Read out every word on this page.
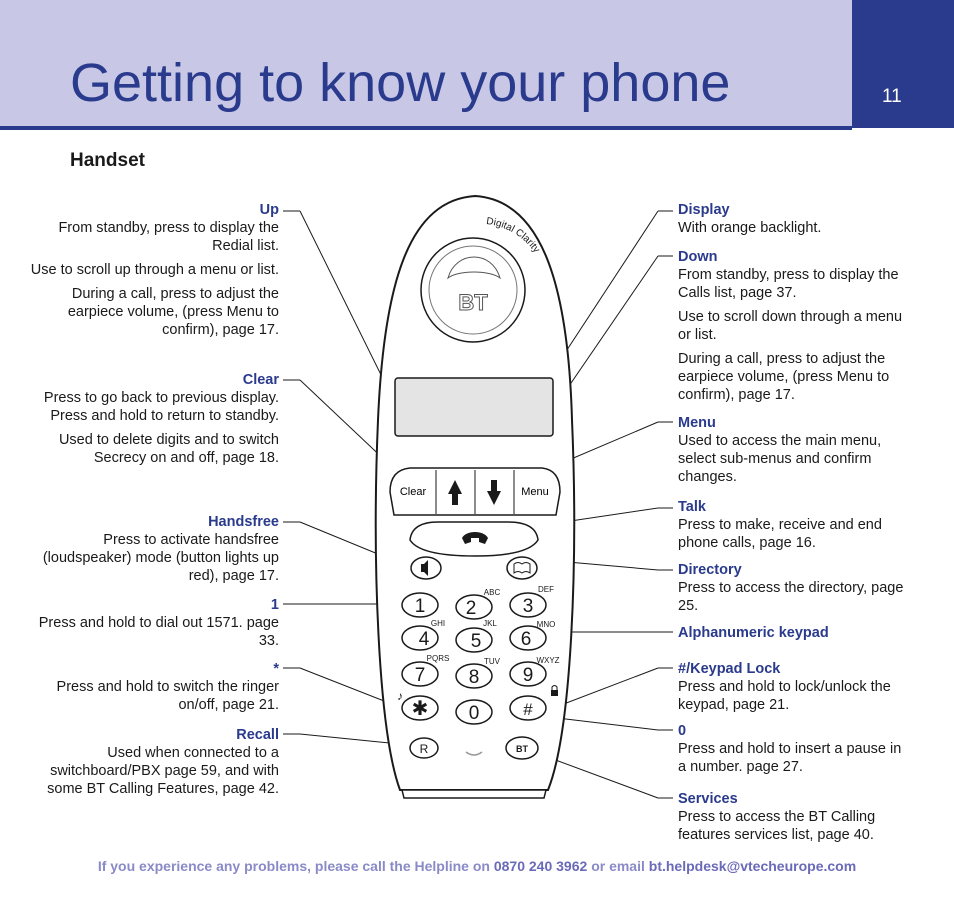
Getting to know your phone	11
Handset
BT
Digital Clarity
Clear	Menu
1 2 3
4 5 6
7 8 9
0
✱	#
ABC	DEF
GHI	JKL	MNO
PQRS	TUV	WXYZ
♪
R	BT
Up

From standby, press to display the Redial list.

Use to scroll up through a menu or list.

During a call, press to adjust the earpiece volume, (press Menu to confirm), page 17.

Clear

Press to go back to previous display. Press and hold to return to standby.

Used to delete digits and to switch Secrecy on and off, page 18.

Handsfree

Press to activate handsfree (loudspeaker) mode (button lights up red), page 17.

1

Press and hold to dial out 1571. page 33.

*

Press and hold to switch the ringer on/off, page 21.

Recall

Used when connected to a switchboard/PBX page 59, and with some BT Calling Features, page 42.

Display

With orange backlight.

Down

From standby, press to display the Calls list, page 37.

Use to scroll down through a menu or list.

During a call, press to adjust the earpiece volume, (press Menu to confirm), page 17.

Menu

Used to access the main menu, select sub-menus and confirm changes.

Talk

Press to make, receive and end phone calls, page 16.

Directory

Press to access the directory, page 25.

Alphanumeric keypad
#/Keypad Lock

Press and hold to lock/unlock the keypad, page 21.

0

Press and hold to insert a pause in a number. page 27.

Services

Press to access the BT Calling features services list, page 40.

If you experience any problems, please call the Helpline on 0870 240 3962 or email bt.helpdesk@vtecheurope.com
